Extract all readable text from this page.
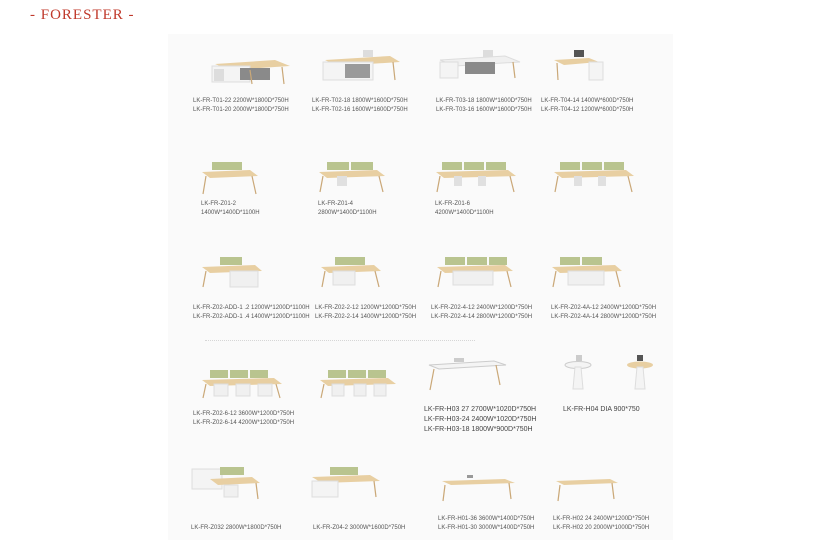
- FORESTER -
LK-FR-T01-22 2200W*1800D*750H
LK-FR-T01-20 2000W*1800D*750H
LK-FR-T02-18 1800W*1600D*750H
LK-FR-T02-16 1600W*1600D*750H
LK-FR-T03-18 1800W*1600D*750H
LK-FR-T03-16 1600W*1600D*750H
LK-FR-T04-14 1400W*600D*750H
LK-FR-T04-12 1200W*600D*750H
LK-FR-Z01-2
1400W*1400D*1100H
LK-FR-Z01-4
2800W*1400D*1100H
LK-FR-Z01-6
4200W*1400D*1100H
LK-FR-Z02-ADD-1 .2 1200W*1200D*1100H
LK-FR-Z02-ADD-1 .4 1400W*1200D*1100H
LK-FR-Z02-2-12 1200W*1200D*750H
LK-FR-Z02-2-14 1400W*1200D*750H
LK-FR-Z02-4-12 2400W*1200D*750H
LK-FR-Z02-4-14 2800W*1200D*750H
LK-FR-Z02-4A-12 2400W*1200D*750H
LK-FR-Z02-4A-14 2800W*1200D*750H
LK-FR-Z02-6-12 3600W*1200D*750H
LK-FR-Z02-6-14 4200W*1200D*750H
LK-FR-H03 27 2700W*1020D*750H
LK-FR-H03-24 2400W*1020D*750H
LK-FR-H03-18 1800W*900D*750H
LK-FR-H04 DIA 900*750
LK-FR-Z032 2800W*1800D*750H	LK-FR-Z04-2 3000W*1600D*750H
LK-FR-H01-36 3600W*1400D*750H
LK-FR-H01-30 3000W*1400D*750H
LK-FR-H02 24 2400W*1200D*750H
LK-FR-H02 20 2000W*1000D*750H
